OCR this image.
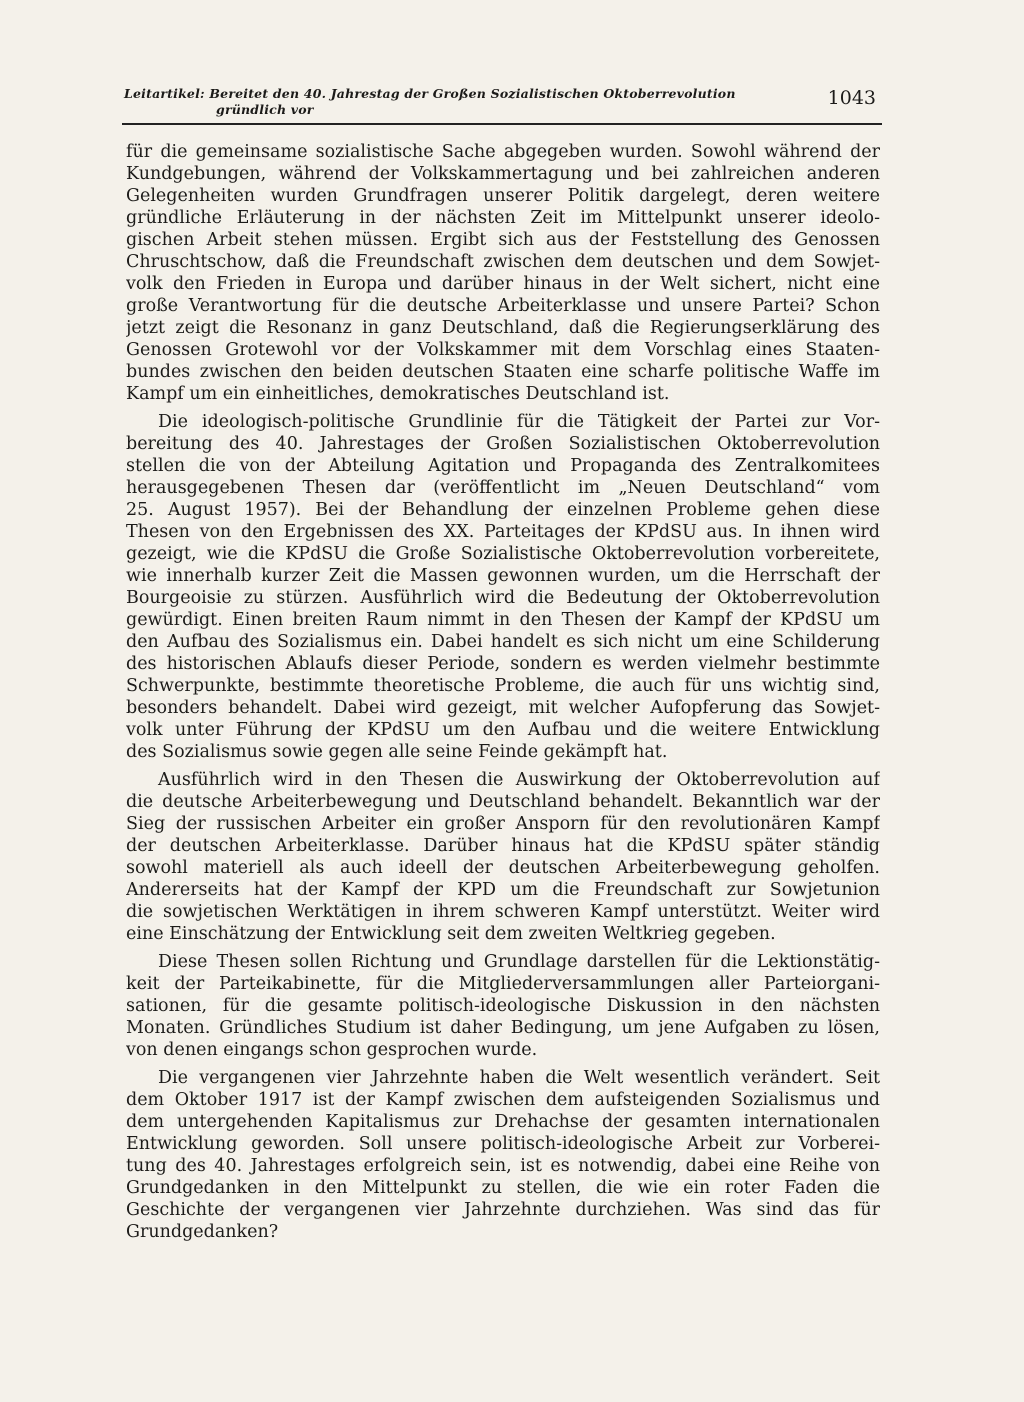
Leitartikel: Bereitet den 40. Jahrestag der Großen Sozialistischen Oktoberrevolution
gründlich vor
1043

für die gemeinsame sozialistische Sache abgegeben wurden. Sowohl während der
Kundgebungen, während der Volkskammertagung und bei zahlreichen anderen
Gelegenheiten wurden Grundfragen unserer Politik dargelegt, deren weitere
gründliche Erläuterung in der nächsten Zeit im Mittelpunkt unserer ideolo-
gischen Arbeit stehen müssen. Ergibt sich aus der Feststellung des Genossen
Chruschtschow, daß die Freundschaft zwischen dem deutschen und dem Sowjet-
volk den Frieden in Europa und darüber hinaus in der Welt sichert, nicht eine
große Verantwortung für die deutsche Arbeiterklasse und unsere Partei? Schon
jetzt zeigt die Resonanz in ganz Deutschland, daß die Regierungserklärung des
Genossen Grotewohl vor der Volkskammer mit dem Vorschlag eines Staaten-
bundes zwischen den beiden deutschen Staaten eine scharfe politische Waffe im
Kampf um ein einheitliches, demokratisches Deutschland ist.

Die ideologisch-politische Grundlinie für die Tätigkeit der Partei zur Vor-
bereitung des 40. Jahrestages der Großen Sozialistischen Oktoberrevolution
stellen die von der Abteilung Agitation und Propaganda des Zentralkomitees
herausgegebenen Thesen dar (veröffentlicht im „Neuen Deutschland“ vom
25. August 1957). Bei der Behandlung der einzelnen Probleme gehen diese
Thesen von den Ergebnissen des XX. Parteitages der KPdSU aus. In ihnen wird
gezeigt, wie die KPdSU die Große Sozialistische Oktoberrevolution vorbereitete,
wie innerhalb kurzer Zeit die Massen gewonnen wurden, um die Herrschaft der
Bourgeoisie zu stürzen. Ausführlich wird die Bedeutung der Oktoberrevolution
gewürdigt. Einen breiten Raum nimmt in den Thesen der Kampf der KPdSU um
den Aufbau des Sozialismus ein. Dabei handelt es sich nicht um eine Schilderung
des historischen Ablaufs dieser Periode, sondern es werden vielmehr bestimmte
Schwerpunkte, bestimmte theoretische Probleme, die auch für uns wichtig sind,
besonders behandelt. Dabei wird gezeigt, mit welcher Aufopferung das Sowjet-
volk unter Führung der KPdSU um den Aufbau und die weitere Entwicklung
des Sozialismus sowie gegen alle seine Feinde gekämpft hat.

Ausführlich wird in den Thesen die Auswirkung der Oktoberrevolution auf
die deutsche Arbeiterbewegung und Deutschland behandelt. Bekanntlich war der
Sieg der russischen Arbeiter ein großer Ansporn für den revolutionären Kampf
der deutschen Arbeiterklasse. Darüber hinaus hat die KPdSU später ständig
sowohl materiell als auch ideell der deutschen Arbeiterbewegung geholfen.
Andererseits hat der Kampf der KPD um die Freundschaft zur Sowjetunion
die sowjetischen Werktätigen in ihrem schweren Kampf unterstützt. Weiter wird
eine Einschätzung der Entwicklung seit dem zweiten Weltkrieg gegeben.

Diese Thesen sollen Richtung und Grundlage darstellen für die Lektionstätig-
keit der Parteikabinette, für die Mitgliederversammlungen aller Parteiorgani-
sationen, für die gesamte politisch-ideologische Diskussion in den nächsten
Monaten. Gründliches Studium ist daher Bedingung, um jene Aufgaben zu lösen,
von denen eingangs schon gesprochen wurde.

Die vergangenen vier Jahrzehnte haben die Welt wesentlich verändert. Seit
dem Oktober 1917 ist der Kampf zwischen dem aufsteigenden Sozialismus und
dem untergehenden Kapitalismus zur Drehachse der gesamten internationalen
Entwicklung geworden. Soll unsere politisch-ideologische Arbeit zur Vorberei-
tung des 40. Jahrestages erfolgreich sein, ist es notwendig, dabei eine Reihe von
Grundgedanken in den Mittelpunkt zu stellen, die wie ein roter Faden die
Geschichte der vergangenen vier Jahrzehnte durchziehen. Was sind das für
Grundgedanken?
